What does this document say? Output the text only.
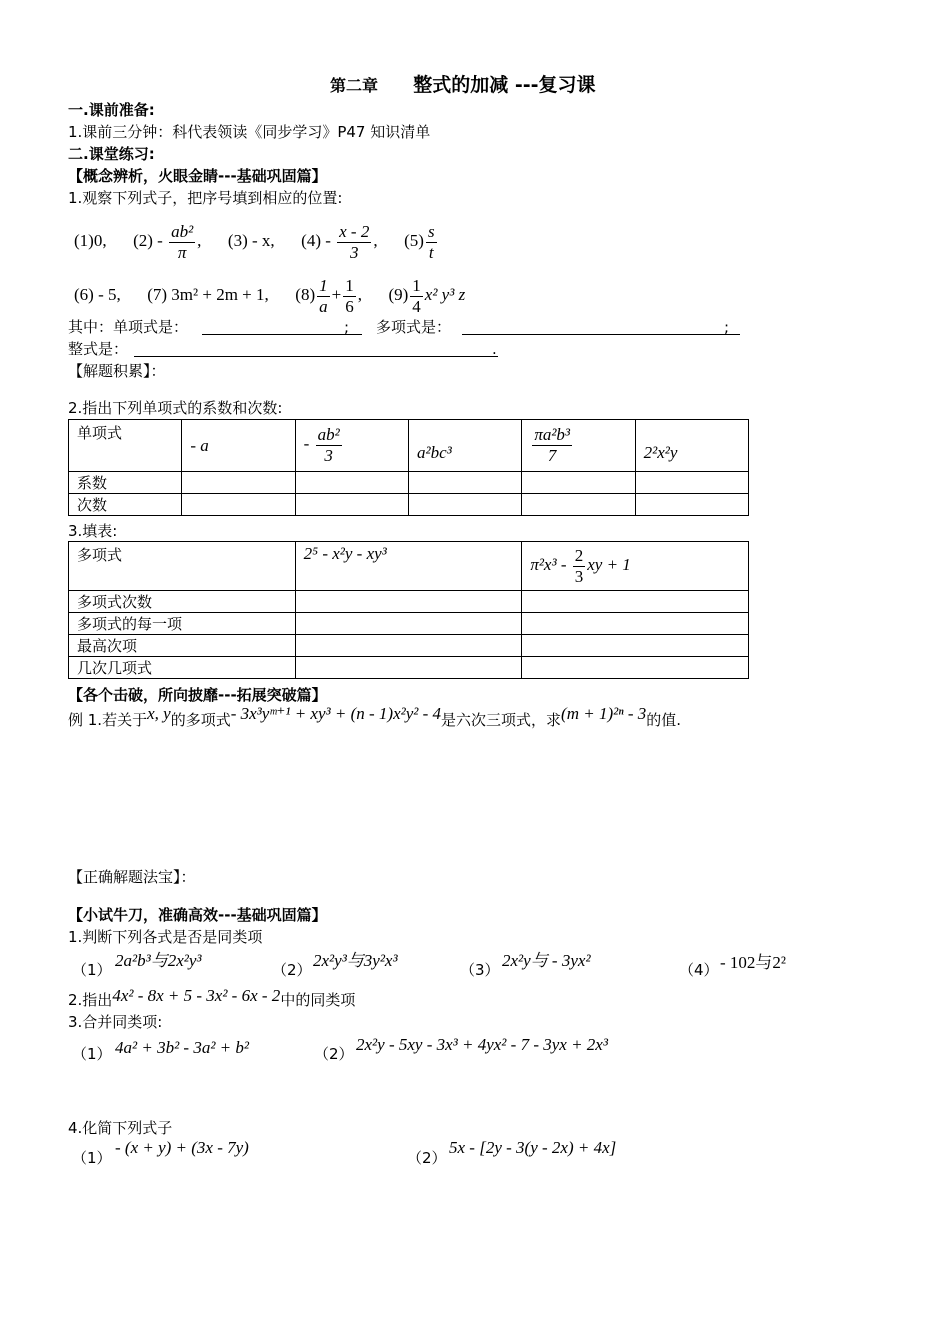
第二章 整式的加减 ---复习课
一.课前准备:
1.课前三分钟：科代表领读《同步学习》P47 知识清单
二.课堂练习:
【概念辨析，火眼金睛---基础巩固篇】
1.观察下列式子，把序号填到相应的位置:
(1)0, $(2) - \frac{\text{ab²}}{\pi}$ , (3) - x, $(4) - \frac{x - 2}{3}$ , $(5) \frac{s}{t}$
(6) - 5, (7) 3m² + 2m + 1, $(8) \frac{1}{a} + \frac{1}{6}$ , $(9) \frac{1}{4} x^2$ y³ z
其中：单项式是：	; 多项式是：	;
整式是：	.
【解题积累】：
2.指出下列单项式的系数和次数:
单项式	- a	- $\frac{\text{ab²}}{3}$	a²bc³	$\frac{\text{πa²b³}}{7}$	2²x²y
系数					
次数					
3.填表:
多项式	2⁵ - x²y - xy³	$\pi^2x^3 - \frac{2}{3}$ xy + 1
多项式次数		
多项式的每一项		
最高次项		
几次几项式		
【各个击破，所向披靡---拓展突破篇】
例 1.若关于x, y的多项式- 3x³yᵐ⁺¹ + xy³ + (n - 1)x²y² - 4是六次三项式，求(m + 1)²ⁿ - 3的值.
【正确解题法宝】：
【小试牛刀，准确高效---基础巩固篇】
1.判断下列各式是否是同类项
（1） 2a²b³与2x²y³	（2） 2x²y³与3y²x³	（3） 2x²y与 - 3yx²	（4） - 102与2²
2.指出4x² - 8x + 5 - 3x² - 6x - 2中的同类项
3.合并同类项:
（1） 4a² + 3b² - 3a² + b²	（2） 2x²y - 5xy - 3x³ + 4yx² - 7 - 3yx + 2x³
4.化简下列式子
（1）
- (x + y) + (3x - 7y)
（2）
5x - [2y - 3(y - 2x) + 4x]
